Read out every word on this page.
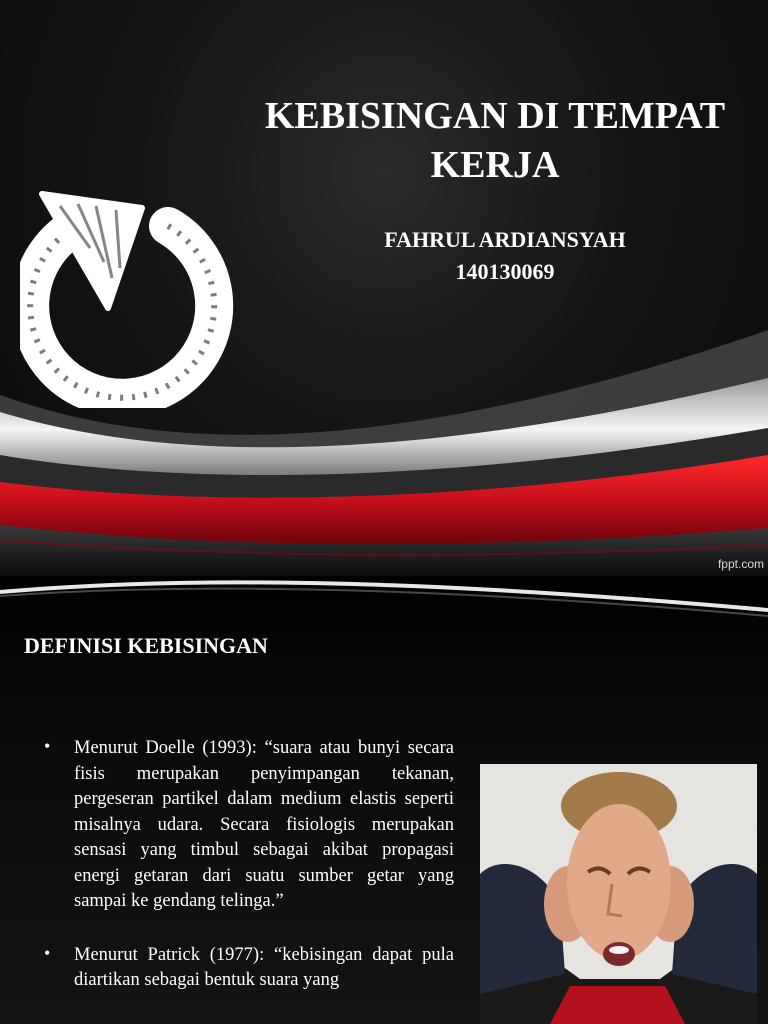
KEBISINGAN DI TEMPAT KERJA

FAHRUL ARDIANSYAH
140130069

fppt.com
DEFINISI KEBISINGAN
• Menurut Doelle (1993): “suara atau bunyi secara fisis merupakan penyimpangan tekanan, pergeseran partikel dalam medium elastis seperti misalnya udara. Secara fisiologis merupakan sensasi yang timbul sebagai akibat propagasi energi getaran dari suatu sumber getar yang sampai ke gendang telinga.”
• Menurut Patrick (1977): “kebisingan dapat pula diartikan sebagai bentuk suara yang
